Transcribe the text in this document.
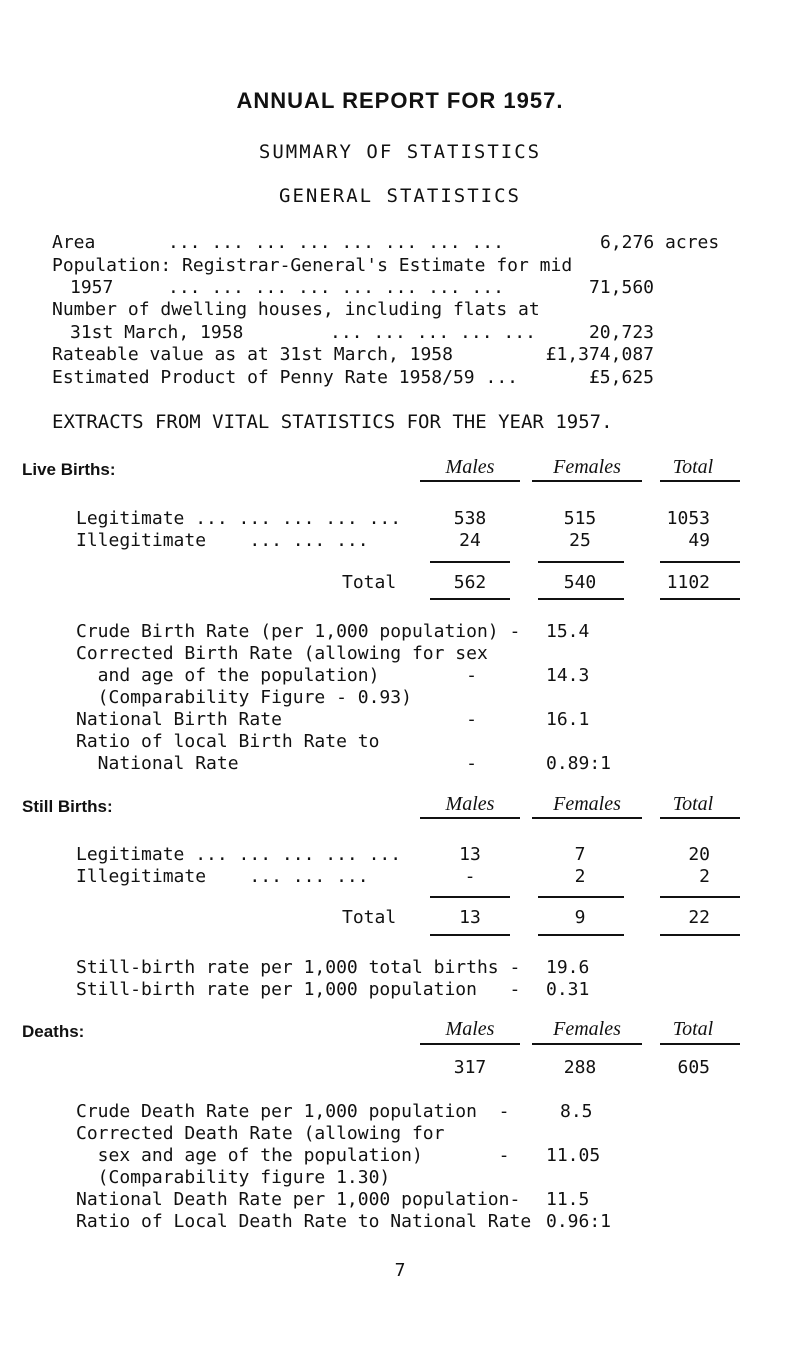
ANNUAL REPORT FOR 1957.
SUMMARY OF STATISTICS
GENERAL STATISTICS
Area	... ... ... ... ... ... ... ...	6,276 acres
Population: Registrar-General's Estimate for mid
1957	... ... ... ... ... ... ... ...	71,560
Number of dwelling houses, including flats at
31st March, 1958	... ... ... ... ...	20,723
Rateable value as at 31st March, 1958	£1,374,087
Estimated Product of Penny Rate 1958/59 ...	£5,625
EXTRACTS FROM VITAL STATISTICS FOR THE YEAR 1957.
Live Births:	Males	Females	Total
Legitimate ... ... ... ... ...	538	515	1053
Illegitimate    ... ... ...	24	25	49
Total	562	540	1102
Crude Birth Rate (per 1,000 population) - 15.4
Corrected Birth Rate (allowing for sex
and age of the population)        -	14.3
(Comparability Figure - 0.93)
National Birth Rate                 -	16.1
Ratio of local Birth Rate to
National Rate                     -	0.89:1
Still Births:	Males	Females	Total
Legitimate ... ... ... ... ...	13	7	20
Illegitimate    ... ... ...	-	2	2
Total	13	9	22
Still-birth rate per 1,000 total births - 19.6
Still-birth rate per 1,000 population   - 0.31
Deaths:	Males	Females	Total
317	288	605
Crude Death Rate per 1,000 population  -	8.5
Corrected Death Rate (allowing for
sex and age of the population)       - 11.05
(Comparability figure 1.30)
National Death Rate per 1,000 population- 11.5
Ratio of Local Death Rate to National Rate 0.96:1
7
